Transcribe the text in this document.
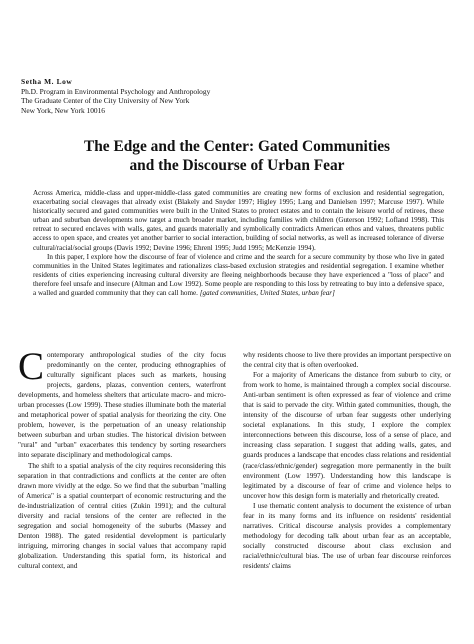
Setha M. Low
Ph.D. Program in Environmental Psychology and Anthropology
The Graduate Center of the City University of New York
New York, New York 10016
The Edge and the Center: Gated Communities
and the Discourse of Urban Fear

Across America, middle-class and upper-middle-class gated communities are creating new forms of exclusion and residential segregation, exacerbating social cleavages that already exist (Blakely and Snyder 1997; Higley 1995; Lang and Danielsen 1997; Marcuse 1997). While historically secured and gated communities were built in the United States to protect estates and to contain the leisure world of retirees, these urban and suburban developments now target a much broader market, including families with children (Guterson 1992; Lofland 1998). This retreat to secured enclaves with walls, gates, and guards materially and symbolically contradicts American ethos and values, threatens public access to open space, and creates yet another barrier to social interaction, building of social networks, as well as increased tolerance of diverse cultural/racial/social groups (Davis 1992; Devine 1996; Ehrenl 1995; Judd 1995; McKenzie 1994).

In this paper, I explore how the discourse of fear of violence and crime and the search for a secure community by those who live in gated communities in the United States legitimates and rationalizes class-based exclusion strategies and residential segregation. I examine whether residents of cities experiencing increasing cultural diversity are fleeing neighborhoods because they have experienced a "loss of place" and therefore feel unsafe and insecure (Altman and Low 1992). Some people are responding to this loss by retreating to buy into a defensive space, a walled and guarded community that they can call home. [gated communities, United States, urban fear]

Contemporary anthropological studies of the city focus predominantly on the center, producing ethnographies of culturally significant places such as markets, housing projects, gardens, plazas, convention centers, waterfront developments, and homeless shelters that articulate macro- and micro- urban processes (Low 1999). These studies illuminate both the material and metaphorical power of spatial analysis for theorizing the city. One problem, however, is the perpetuation of an uneasy relationship between suburban and urban studies. The historical division between "rural" and "urban" exacerbates this tendency by sorting researchers into separate disciplinary and methodological camps.

The shift to a spatial analysis of the city requires reconsidering this separation in that contradictions and conflicts at the center are often drawn more vividly at the edge. So we find that the suburban "malling of America" is a spatial counterpart of economic restructuring and the de-industrialization of central cities (Zukin 1991); and the cultural diversity and racial tensions of the center are reflected in the segregation and social homogeneity of the suburbs (Massey and Denton 1988). The gated residential development is particularly intriguing, mirroring changes in social values that accompany rapid globalization. Understanding this spatial form, its historical and cultural context, and

why residents choose to live there provides an important perspective on the central city that is often overlooked.

For a majority of Americans the distance from suburb to city, or from work to home, is maintained through a complex social discourse. Anti-urban sentiment is often expressed as fear of violence and crime that is said to pervade the city. Within gated communities, though, the intensity of the discourse of urban fear suggests other underlying societal explanations. In this study, I explore the complex interconnections between this discourse, loss of a sense of place, and increasing class separation. I suggest that adding walls, gates, and guards produces a landscape that encodes class relations and residential (race/class/ethnic/gender) segregation more permanently in the built environment (Low 1997). Understanding how this landscape is legitimated by a discourse of fear of crime and violence helps to uncover how this design form is materially and rhetorically created.

I use thematic content analysis to document the existence of urban fear in its many forms and its influence on residents' residential narratives. Critical discourse analysis provides a complementary methodology for decoding talk about urban fear as an acceptable, socially constructed discourse about class exclusion and racial/ethnic/cultural bias. The use of urban fear discourse reinforces residents' claims
